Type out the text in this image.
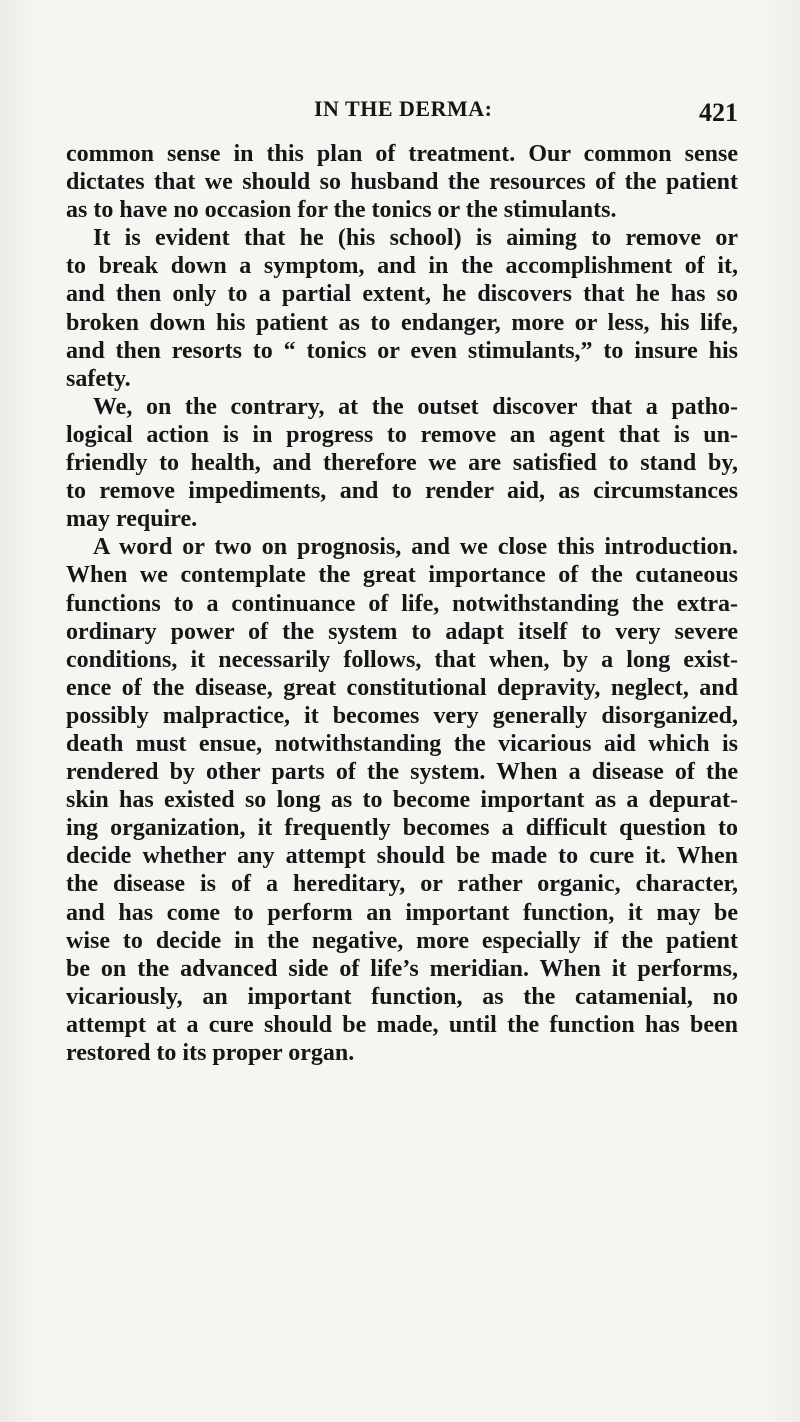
IN THE DERMA:	421
common sense in this plan of treatment. Our common sense
dictates that we should so husband the resources of the patient
as to have no occasion for the tonics or the stimulants.
It is evident that he (his school) is aiming to remove or
to break down a symptom, and in the accomplishment of it,
and then only to a partial extent, he discovers that he has so
broken down his patient as to endanger, more or less, his life,
and then resorts to “ tonics or even stimulants,” to insure his
safety.
We, on the contrary, at the outset discover that a patho-
logical action is in progress to remove an agent that is un-
friendly to health, and therefore we are satisfied to stand by,
to remove impediments, and to render aid, as circumstances
may require.
A word or two on prognosis, and we close this introduction.
When we contemplate the great importance of the cutaneous
functions to a continuance of life, notwithstanding the extra-
ordinary power of the system to adapt itself to very severe
conditions, it necessarily follows, that when, by a long exist-
ence of the disease, great constitutional depravity, neglect, and
possibly malpractice, it becomes very generally disorganized,
death must ensue, notwithstanding the vicarious aid which is
rendered by other parts of the system. When a disease of the
skin has existed so long as to become important as a depurat-
ing organization, it frequently becomes a difficult question to
decide whether any attempt should be made to cure it. When
the disease is of a hereditary, or rather organic, character,
and has come to perform an important function, it may be
wise to decide in the negative, more especially if the patient
be on the advanced side of life’s meridian. When it performs,
vicariously, an important function, as the catamenial, no
attempt at a cure should be made, until the function has been
restored to its proper organ.
